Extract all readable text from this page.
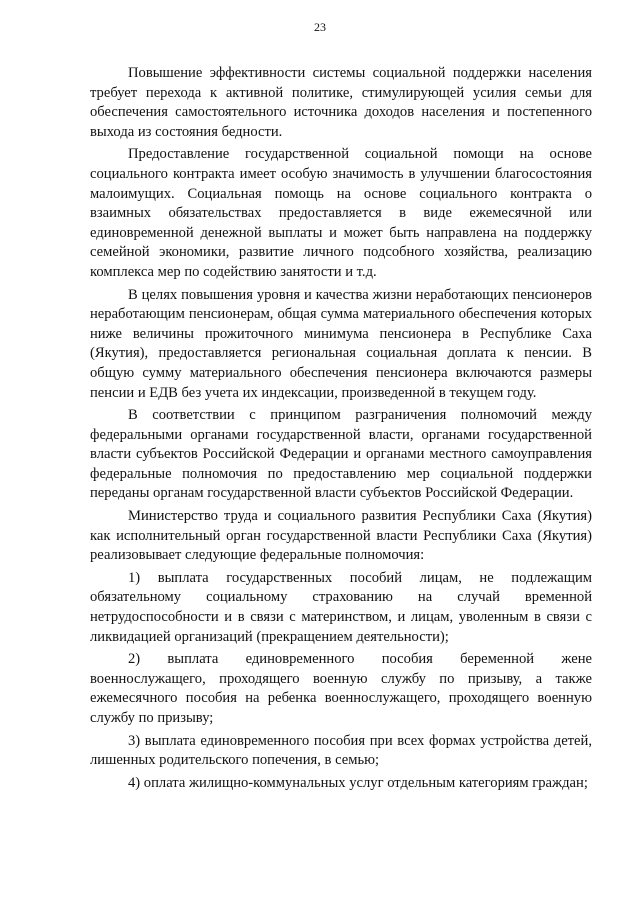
23

Повышение эффективности системы социальной поддержки населения требует перехода к активной политике, стимулирующей усилия семьи для обеспечения самостоятельного источника доходов населения и постепенного выхода из состояния бедности.

Предоставление государственной социальной помощи на основе социального контракта имеет особую значимость в улучшении благосостояния малоимущих. Социальная помощь на основе социального контракта о взаимных обязательствах предоставляется в виде ежемесячной или единовременной денежной выплаты и может быть направлена на поддержку семейной экономики, развитие личного подсобного хозяйства, реализацию комплекса мер по содействию занятости и т.д.

В целях повышения уровня и качества жизни неработающих пенсионеров неработающим пенсионерам, общая сумма материального обеспечения которых ниже величины прожиточного минимума пенсионера в Республике Саха (Якутия), предоставляется региональная социальная доплата к пенсии. В общую сумму материального обеспечения пенсионера включаются размеры пенсии и ЕДВ без учета их индексации, произведенной в текущем году.

В соответствии с принципом разграничения полномочий между федеральными органами государственной власти, органами государственной власти субъектов Российской Федерации и органами местного самоуправления федеральные полномочия по предоставлению мер социальной поддержки переданы органам государственной власти субъектов Российской Федерации.

Министерство труда и социального развития Республики Саха (Якутия) как исполнительный орган государственной власти Республики Саха (Якутия) реализовывает следующие федеральные полномочия:

1) выплата государственных пособий лицам, не подлежащим обязательному социальному страхованию на случай временной нетрудоспособности и в связи с материнством, и лицам, уволенным в связи с ликвидацией организаций (прекращением деятельности);

2) выплата единовременного пособия беременной жене военнослужащего, проходящего военную службу по призыву, а также ежемесячного пособия на ребенка военнослужащего, проходящего военную службу по призыву;

3) выплата единовременного пособия при всех формах устройства детей, лишенных родительского попечения, в семью;

4) оплата жилищно-коммунальных услуг отдельным категориям граждан;
